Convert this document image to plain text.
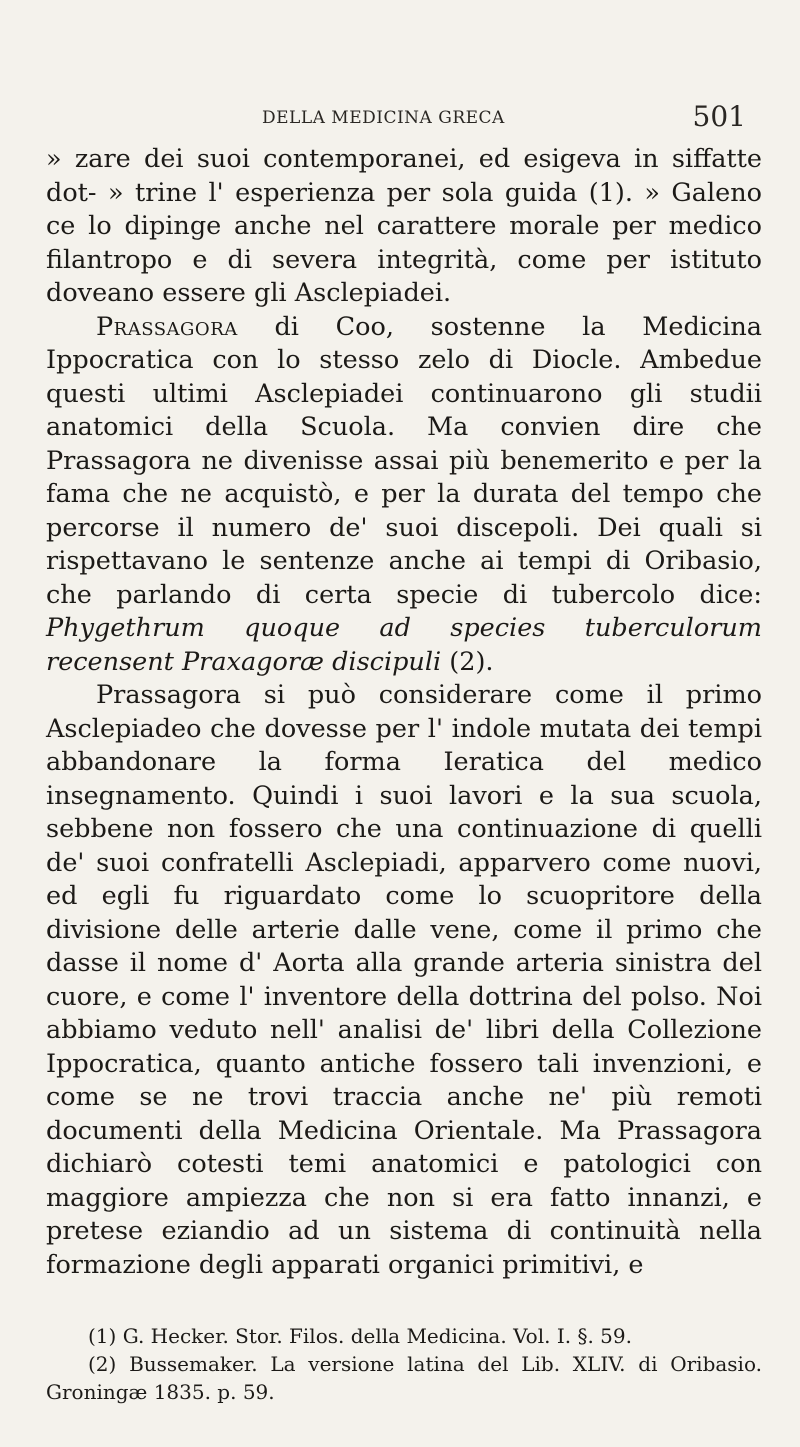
DELLA MEDICINA GRECA	501

» zare dei suoi contemporanei, ed esigeva in siffatte dot- » trine l' esperienza per sola guida (1). » Galeno ce lo dipinge anche nel carattere morale per medico filantropo e di severa integrità, come per istituto doveano essere gli Asclepiadei.

Prassagora di Coo, sostenne la Medicina Ippocratica con lo stesso zelo di Diocle. Ambedue questi ultimi Asclepiadei continuarono gli studii anatomici della Scuola. Ma convien dire che Prassagora ne divenisse assai più benemerito e per la fama che ne acquistò, e per la durata del tempo che percorse il numero de' suoi discepoli. Dei quali si rispettavano le sentenze anche ai tempi di Oribasio, che parlando di certa specie di tubercolo dice: Phygethrum quoque ad species tuberculorum recensent Praxagoræ discipuli (2).

Prassagora si può considerare come il primo Asclepiadeo che dovesse per l' indole mutata dei tempi abbandonare la forma Ieratica del medico insegnamento. Quindi i suoi lavori e la sua scuola, sebbene non fossero che una continuazione di quelli de' suoi confratelli Asclepiadi, apparvero come nuovi, ed egli fu riguardato come lo scuopritore della divisione delle arterie dalle vene, come il primo che dasse il nome d' Aorta alla grande arteria sinistra del cuore, e come l' inventore della dottrina del polso. Noi abbiamo veduto nell' analisi de' libri della Collezione Ippocratica, quanto antiche fossero tali invenzioni, e come se ne trovi traccia anche ne' più remoti documenti della Medicina Orientale. Ma Prassagora dichiarò cotesti temi anatomici e patologici con maggiore ampiezza che non si era fatto innanzi, e pretese eziandio ad un sistema di continuità nella formazione degli apparati organici primitivi, e

(1) G. Hecker. Stor. Filos. della Medicina. Vol. I. §. 59.

(2) Bussemaker. La versione latina del Lib. XLIV. di Oribasio. Groningæ 1835. p. 59.
